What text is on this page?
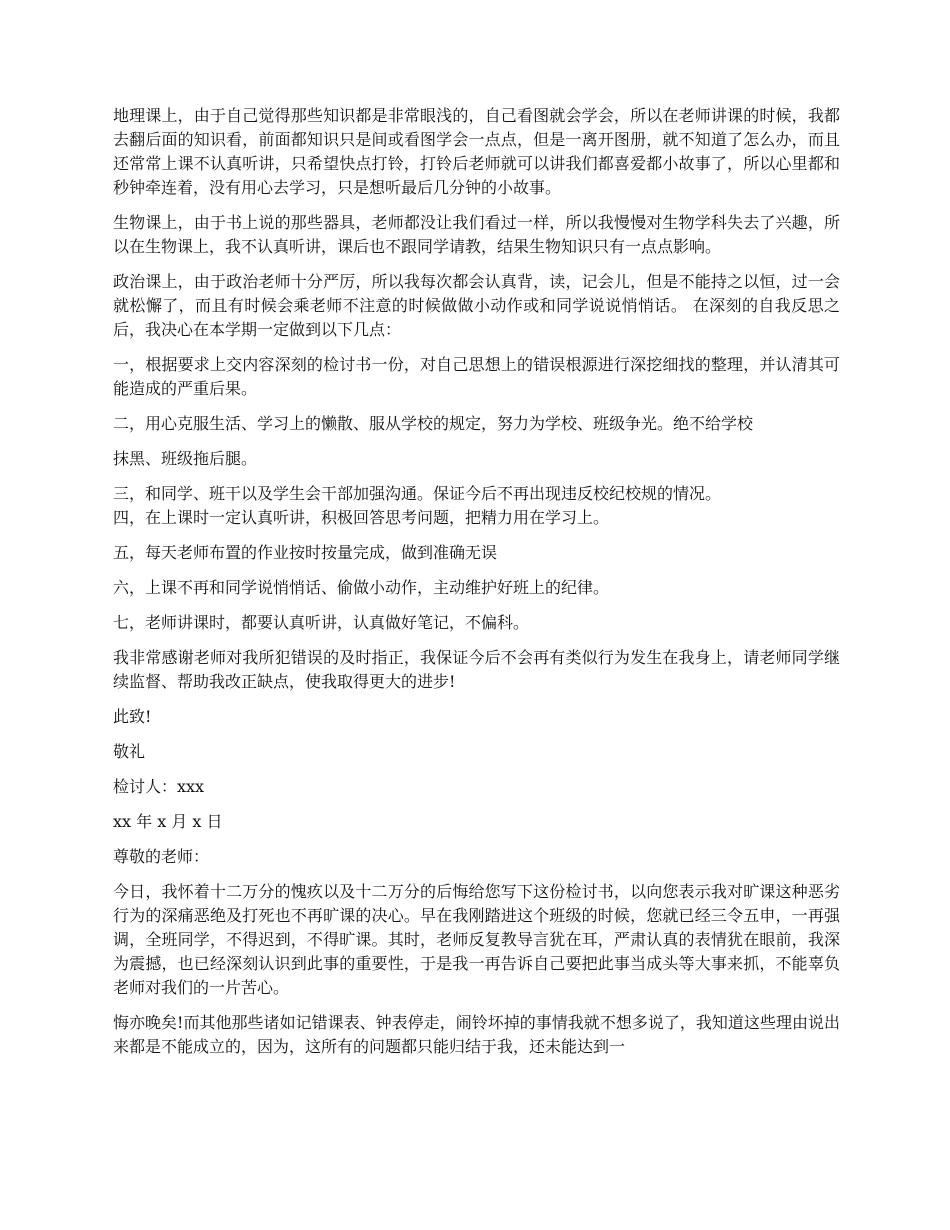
地理课上，由于自己觉得那些知识都是非常眼浅的，自己看图就会学会，所以在老师讲课的时候，我都去翻后面的知识看，前面都知识只是间或看图学会一点点，但是一离开图册，就不知道了怎么办，而且还常常上课不认真听讲，只希望快点打铃，打铃后老师就可以讲我们都喜爱都小故事了，所以心里都和秒钟牵连着，没有用心去学习，只是想听最后几分钟的小故事。

生物课上，由于书上说的那些器具，老师都没让我们看过一样，所以我慢慢对生物学科失去了兴趣，所以在生物课上，我不认真听讲，课后也不跟同学请教，结果生物知识只有一点点影响。

政治课上，由于政治老师十分严厉，所以我每次都会认真背，读，记会儿，但是不能持之以恒，过一会就松懈了，而且有时候会乘老师不注意的时候做做小动作或和同学说说悄悄话。 在深刻的自我反思之后，我决心在本学期一定做到以下几点：

一，根据要求上交内容深刻的检讨书一份，对自己思想上的错误根源进行深挖细找的整理，并认清其可能造成的严重后果。

二，用心克服生活、学习上的懒散、服从学校的规定，努力为学校、班级争光。绝不给学校

抹黑、班级拖后腿。

三，和同学、班干以及学生会干部加强沟通。保证今后不再出现违反校纪校规的情况。

四，在上课时一定认真听讲，积极回答思考问题，把精力用在学习上。

五，每天老师布置的作业按时按量完成，做到准确无误

六，上课不再和同学说悄悄话、偷做小动作，主动维护好班上的纪律。

七，老师讲课时，都要认真听讲，认真做好笔记，不偏科。

我非常感谢老师对我所犯错误的及时指正，我保证今后不会再有类似行为发生在我身上，请老师同学继续监督、帮助我改正缺点，使我取得更大的进步!

此致!

敬礼

检讨人：xxx

xx 年 x 月 x 日

尊敬的老师：

今日，我怀着十二万分的愧疚以及十二万分的后悔给您写下这份检讨书，以向您表示我对旷课这种恶劣行为的深痛恶绝及打死也不再旷课的决心。早在我刚踏进这个班级的时候，您就已经三令五申，一再强调，全班同学，不得迟到，不得旷课。其时，老师反复教导言犹在耳，严肃认真的表情犹在眼前，我深为震撼，也已经深刻认识到此事的重要性，于是我一再告诉自己要把此事当成头等大事来抓，不能辜负老师对我们的一片苦心。

悔亦晚矣!而其他那些诸如记错课表、钟表停走，闹铃坏掉的事情我就不想多说了，我知道这些理由说出来都是不能成立的，因为，这所有的问题都只能归结于我，还未能达到一
